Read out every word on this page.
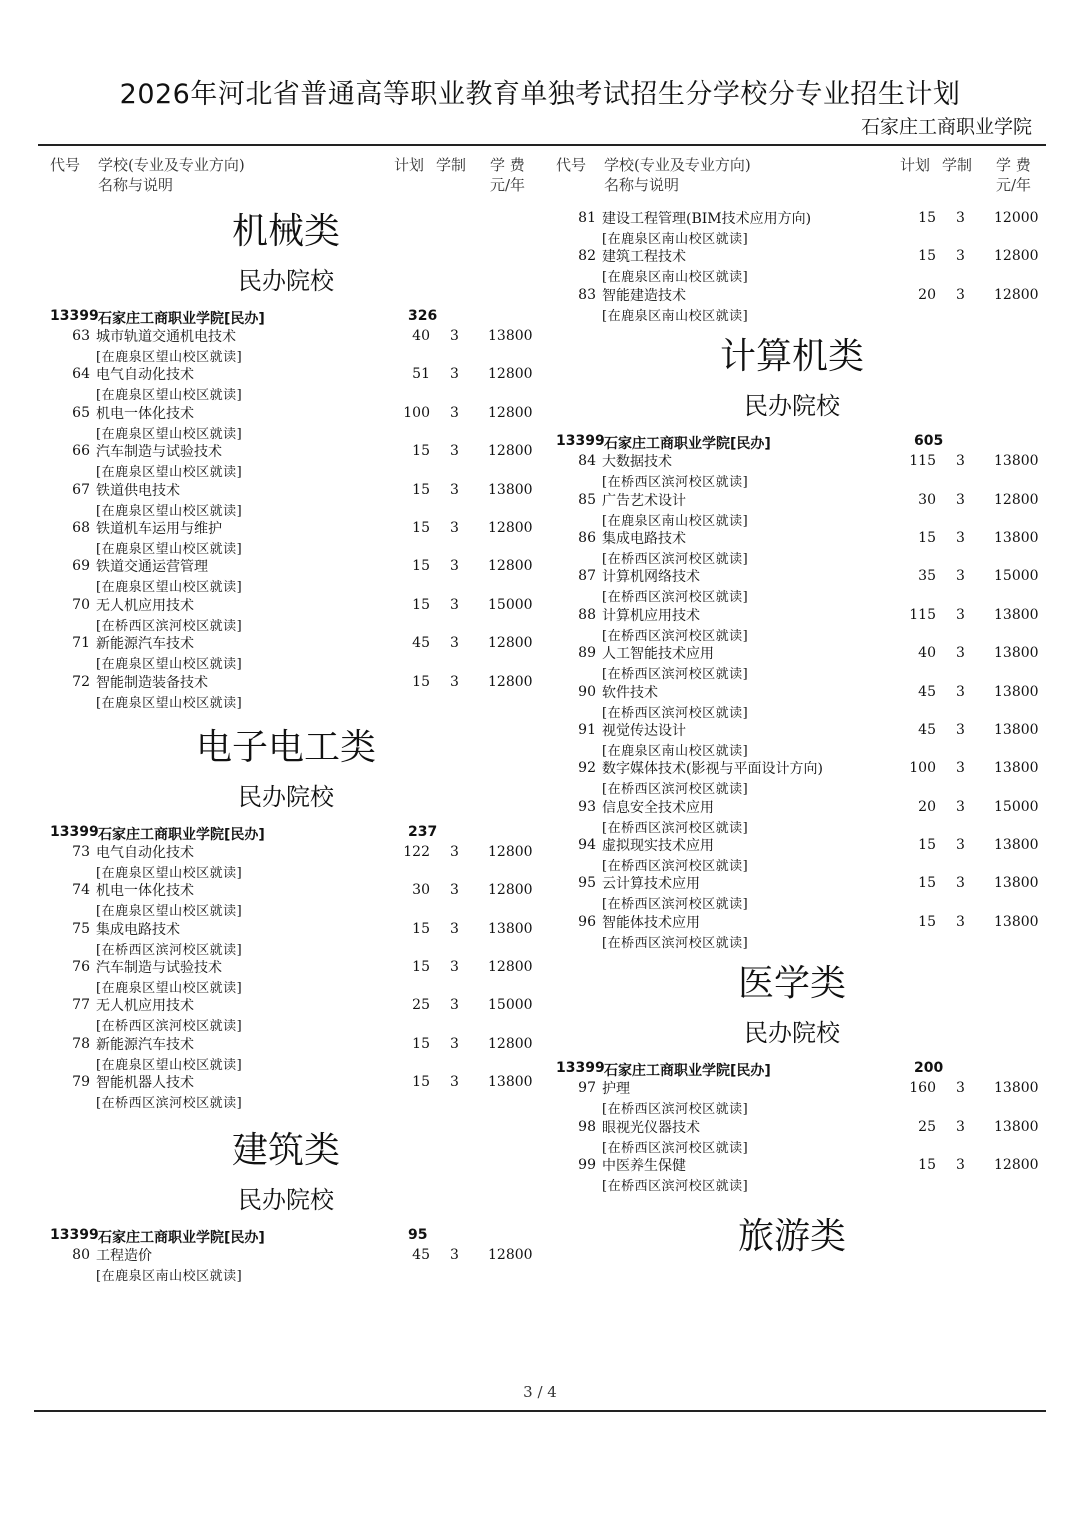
2026年河北省普通高等职业教育单独考试招生分学校分专业招生计划
石家庄工商职业学院
代号 学校(专业及专业方向)
名称与说明
计划 学制 学 费
元/年
机械类
民办院校
13399 石家庄工商职业学院[民办]	326
63 城市轨道交通机电技术
[在鹿泉区望山校区就读]
40 3 13800
64 电气自动化技术
[在鹿泉区望山校区就读]
51 3 12800
65 机电一体化技术
[在鹿泉区望山校区就读]
100 3 12800
66 汽车制造与试验技术
[在鹿泉区望山校区就读]
15 3 12800
67 铁道供电技术
[在鹿泉区望山校区就读]
15 3 13800
68 铁道机车运用与维护
[在鹿泉区望山校区就读]
15 3 12800
69 铁道交通运营管理
[在鹿泉区望山校区就读]
15 3 12800
70 无人机应用技术
[在桥西区滨河校区就读]
15 3 15000
71 新能源汽车技术
[在鹿泉区望山校区就读]
45 3 12800
72 智能制造装备技术
[在鹿泉区望山校区就读]
15 3 12800
电子电工类
民办院校
13399 石家庄工商职业学院[民办]	237
73 电气自动化技术
[在鹿泉区望山校区就读]
122 3 12800
74 机电一体化技术
[在鹿泉区望山校区就读]
30 3 12800
75 集成电路技术
[在桥西区滨河校区就读]
15 3 13800
76 汽车制造与试验技术
[在鹿泉区望山校区就读]
15 3 12800
77 无人机应用技术
[在桥西区滨河校区就读]
25 3 15000
78 新能源汽车技术
[在鹿泉区望山校区就读]
15 3 12800
79 智能机器人技术
[在桥西区滨河校区就读]
15 3 13800
建筑类
民办院校
13399 石家庄工商职业学院[民办]	95
80 工程造价
[在鹿泉区南山校区就读]
45 3 12800
代号 学校(专业及专业方向)
名称与说明
计划 学制 学 费
元/年
81 建设工程管理(BIM技术应用方向)
[在鹿泉区南山校区就读]
15 3 12000
82 建筑工程技术
[在鹿泉区南山校区就读]
15 3 12800
83 智能建造技术
[在鹿泉区南山校区就读]
20 3 12800
计算机类
民办院校
13399 石家庄工商职业学院[民办]	605
84 大数据技术
[在桥西区滨河校区就读]
115 3 13800
85 广告艺术设计
[在鹿泉区南山校区就读]
30 3 12800
86 集成电路技术
[在桥西区滨河校区就读]
15 3 13800
87 计算机网络技术
[在桥西区滨河校区就读]
35 3 15000
88 计算机应用技术
[在桥西区滨河校区就读]
115 3 13800
89 人工智能技术应用
[在桥西区滨河校区就读]
40 3 13800
90 软件技术
[在桥西区滨河校区就读]
45 3 13800
91 视觉传达设计
[在鹿泉区南山校区就读]
45 3 13800
92 数字媒体技术(影视与平面设计方向)
[在桥西区滨河校区就读]
100 3 13800
93 信息安全技术应用
[在桥西区滨河校区就读]
20 3 15000
94 虚拟现实技术应用
[在桥西区滨河校区就读]
15 3 13800
95 云计算技术应用
[在桥西区滨河校区就读]
15 3 13800
96 智能体技术应用
[在桥西区滨河校区就读]
15 3 13800
医学类
民办院校
13399 石家庄工商职业学院[民办]	200
97 护理
[在桥西区滨河校区就读]
160 3 13800
98 眼视光仪器技术
[在桥西区滨河校区就读]
25 3 13800
99 中医养生保健
[在桥西区滨河校区就读]
15 3 12800
旅游类
3 / 4
